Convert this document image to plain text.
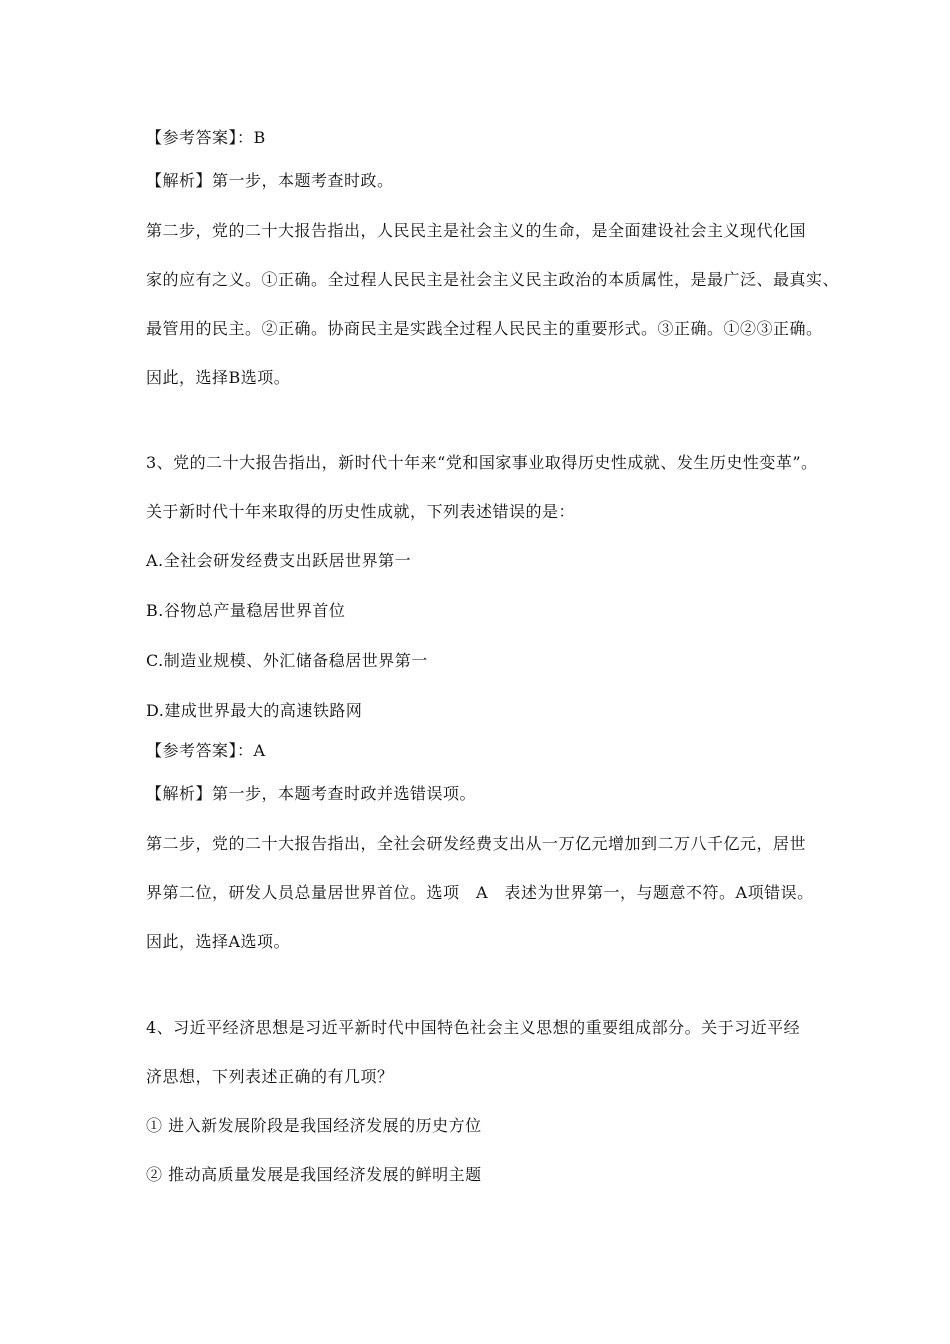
【参考答案】：B
【解析】第一步，本题考查时政。
第二步，党的二十大报告指出，人民民主是社会主义的生命，是全面建设社会主义现代化国
家的应有之义。①正确。全过程人民民主是社会主义民主政治的本质属性，是最广泛、最真实、
最管用的民主。②正确。协商民主是实践全过程人民民主的重要形式。③正确。①②③正确。
因此，选择B选项。
3、党的二十大报告指出，新时代十年来“党和国家事业取得历史性成就、发生历史性变革”。
关于新时代十年来取得的历史性成就，下列表述错误的是：
A.全社会研发经费支出跃居世界第一
B.谷物总产量稳居世界首位
C.制造业规模、外汇储备稳居世界第一
D.建成世界最大的高速铁路网
【参考答案】：A
【解析】第一步，本题考查时政并选错误项。
第二步，党的二十大报告指出，全社会研发经费支出从一万亿元增加到二万八千亿元，居世
界第二位，研发人员总量居世界首位。选项　A　表述为世界第一，与题意不符。A项错误。
因此，选择A选项。
4、习近平经济思想是习近平新时代中国特色社会主义思想的重要组成部分。关于习近平经
济思想，下列表述正确的有几项？
① 进入新发展阶段是我国经济发展的历史方位
② 推动高质量发展是我国经济发展的鲜明主题
